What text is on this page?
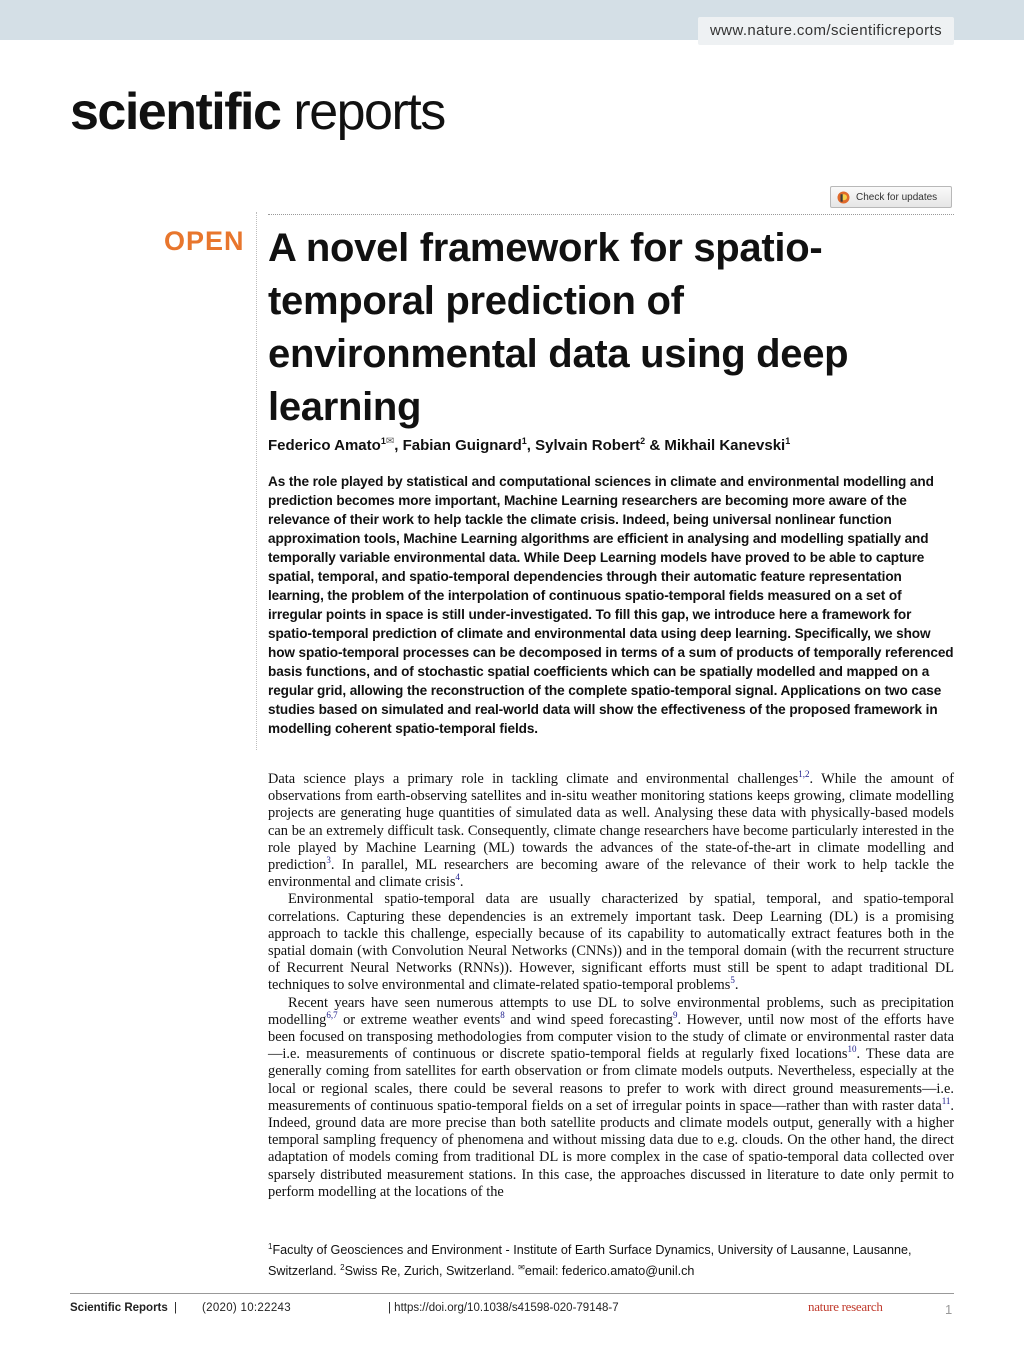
www.nature.com/scientificreports
scientific reports
Check for updates
OPEN A novel framework for spatio-temporal prediction of environmental data using deep learning
Federico Amato$^{1✉}$, Fabian Guignard$^1$, Sylvain Robert$^2$ & Mikhail Kanevski$^1$

As the role played by statistical and computational sciences in climate and environmental modelling and prediction becomes more important, Machine Learning researchers are becoming more aware of the relevance of their work to help tackle the climate crisis. Indeed, being universal nonlinear function approximation tools, Machine Learning algorithms are efficient in analysing and modelling spatially and temporally variable environmental data. While Deep Learning models have proved to be able to capture spatial, temporal, and spatio-temporal dependencies through their automatic feature representation learning, the problem of the interpolation of continuous spatio-temporal fields measured on a set of irregular points in space is still under-investigated. To fill this gap, we introduce here a framework for spatio-temporal prediction of climate and environmental data using deep learning. Specifically, we show how spatio-temporal processes can be decomposed in terms of a sum of products of temporally referenced basis functions, and of stochastic spatial coefficients which can be spatially modelled and mapped on a regular grid, allowing the reconstruction of the complete spatio-temporal signal. Applications on two case studies based on simulated and real-world data will show the effectiveness of the proposed framework in modelling coherent spatio-temporal fields.

Data science plays a primary role in tackling climate and environmental challenges$^{1,2}$. While the amount of observations from earth-observing satellites and in-situ weather monitoring stations keeps growing, climate modelling projects are generating huge quantities of simulated data as well. Analysing these data with physically-based models can be an extremely difficult task. Consequently, climate change researchers have become particularly interested in the role played by Machine Learning (ML) towards the advances of the state-of-the-art in climate modelling and prediction$^3$. In parallel, ML researchers are becoming aware of the relevance of their work to help tackle the environmental and climate crisis$^4$.

Environmental spatio-temporal data are usually characterized by spatial, temporal, and spatio-temporal correlations. Capturing these dependencies is an extremely important task. Deep Learning (DL) is a promising approach to tackle this challenge, especially because of its capability to automatically extract features both in the spatial domain (with Convolution Neural Networks (CNNs)) and in the temporal domain (with the recurrent structure of Recurrent Neural Networks (RNNs)). However, significant efforts must still be spent to adapt traditional DL techniques to solve environmental and climate-related spatio-temporal problems$^5$.

Recent years have seen numerous attempts to use DL to solve environmental problems, such as precipitation modelling$^{6,7}$ or extreme weather events$^8$ and wind speed forecasting$^9$. However, until now most of the efforts have been focused on transposing methodologies from computer vision to the study of climate or environmental raster data—i.e. measurements of continuous or discrete spatio-temporal fields at regularly fixed locations$^{10}$. These data are generally coming from satellites for earth observation or from climate models outputs. Nevertheless, especially at the local or regional scales, there could be several reasons to prefer to work with direct ground measurements—i.e. measurements of continuous spatio-temporal fields on a set of irregular points in space—rather than with raster data$^{11}$. Indeed, ground data are more precise than both satellite products and climate models output, generally with a higher temporal sampling frequency of phenomena and without missing data due to e.g. clouds. On the other hand, the direct adaptation of models coming from traditional DL is more complex in the case of spatio-temporal data collected over sparsely distributed measurement stations. In this case, the approaches discussed in literature to date only permit to perform modelling at the locations of the

$^1$Faculty of Geosciences and Environment - Institute of Earth Surface Dynamics, University of Lausanne, Lausanne, Switzerland. $^2$Swiss Re, Zurich, Switzerland. ✉email: federico.amato@unil.ch
Scientific Reports | (2020) 10:22243	| https://doi.org/10.1038/s41598-020-79148-7	nature research	1
